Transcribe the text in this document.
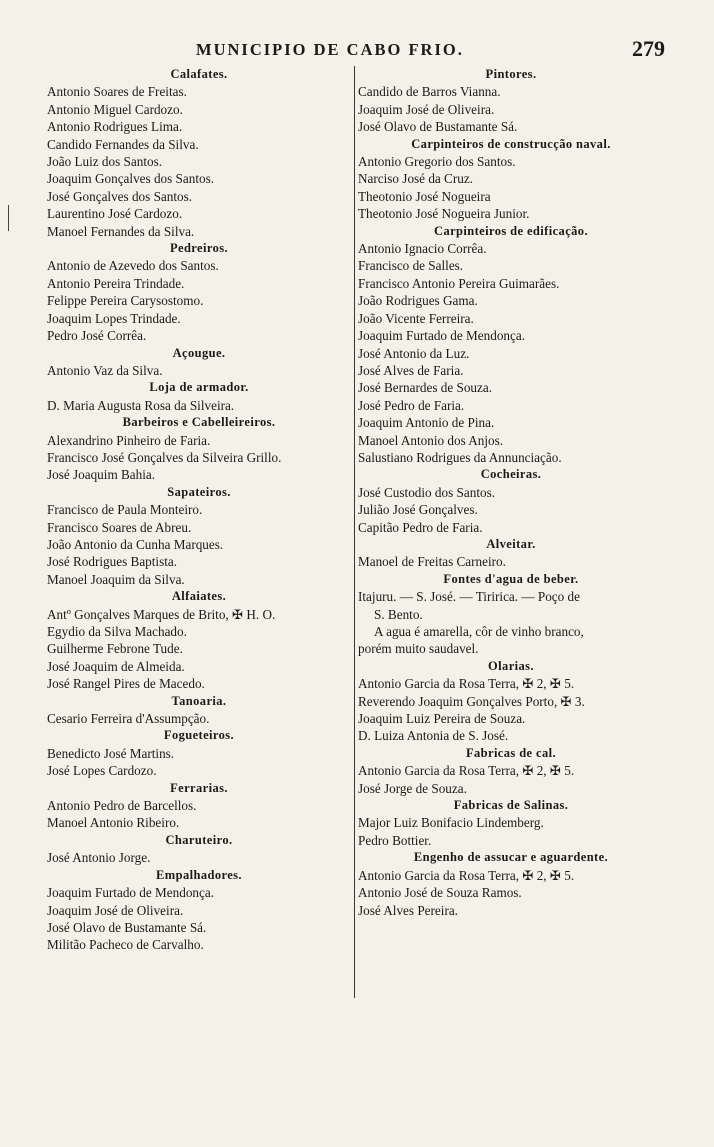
MUNICIPIO DE CABO FRIO.	279
Calafates.
Antonio Soares de Freitas.
Antonio Miguel Cardozo.
Antonio Rodrigues Lima.
Candido Fernandes da Silva.
João Luiz dos Santos.
Joaquim Gonçalves dos Santos.
José Gonçalves dos Santos.
Laurentino José Cardozo.
Manoel Fernandes da Silva.
Pedreiros.
Antonio de Azevedo dos Santos.
Antonio Pereira Trindade.
Felippe Pereira Carysostomo.
Joaquim Lopes Trindade.
Pedro José Corrêa.
Açougue.
Antonio Vaz da Silva.
Loja de armador.
D. Maria Augusta Rosa da Silveira.
Barbeiros e Cabelleireiros.
Alexandrino Pinheiro de Faria.
Francisco José Gonçalves da Silveira Grillo.
José Joaquim Bahia.
Sapateiros.
Francisco de Paula Monteiro.
Francisco Soares de Abreu.
João Antonio da Cunha Marques.
José Rodrigues Baptista.
Manoel Joaquim da Silva.
Alfaiates.
Antº Gonçalves Marques de Brito, ✠ H. O.
Egydio da Silva Machado.
Guilherme Febrone Tude.
José Joaquim de Almeida.
José Rangel Pires de Macedo.
Tanoaria.
Cesario Ferreira d'Assumpção.
Fogueteiros.
Benedicto José Martins.
José Lopes Cardozo.
Ferrarias.
Antonio Pedro de Barcellos.
Manoel Antonio Ribeiro.
Charuteiro.
José Antonio Jorge.
Empalhadores.
Joaquim Furtado de Mendonça.
Joaquim José de Oliveira.
José Olavo de Bustamante Sá.
Militão Pacheco de Carvalho.
Pintores.
Candido de Barros Vianna.
Joaquim José de Oliveira.
José Olavo de Bustamante Sá.
Carpinteiros de construcção naval.
Antonio Gregorio dos Santos.
Narciso José da Cruz.
Theotonio José Nogueira
Theotonio José Nogueira Junior.
Carpinteiros de edificação.
Antonio Ignacio Corrêa.
Francisco de Salles.
Francisco Antonio Pereira Guimarães.
João Rodrigues Gama.
João Vicente Ferreira.
Joaquim Furtado de Mendonça.
José Antonio da Luz.
José Alves de Faria.
José Bernardes de Souza.
José Pedro de Faria.
Joaquim Antonio de Pina.
Manoel Antonio dos Anjos.
Salustiano Rodrigues da Annunciação.
Cocheiras.
José Custodio dos Santos.
Julião José Gonçalves.
Capitão Pedro de Faria.
Alveitar.
Manoel de Freitas Carneiro.
Fontes d'agua de beber.
Itajuru. — S. José. — Tiririca. — Poço de
S. Bento.
A agua é amarella, côr de vinho branco,
porém muito saudavel.
Olarias.
Antonio Garcia da Rosa Terra, ✠ 2, ✠ 5.
Reverendo Joaquim Gonçalves Porto, ✠ 3.
Joaquim Luiz Pereira de Souza.
D. Luiza Antonia de S. José.
Fabricas de cal.
Antonio Garcia da Rosa Terra, ✠ 2, ✠ 5.
José Jorge de Souza.
Fabricas de Salinas.
Major Luiz Bonifacio Lindemberg.
Pedro Bottier.
Engenho de assucar e aguardente.
Antonio Garcia da Rosa Terra, ✠ 2, ✠ 5.
Antonio José de Souza Ramos.
José Alves Pereira.
